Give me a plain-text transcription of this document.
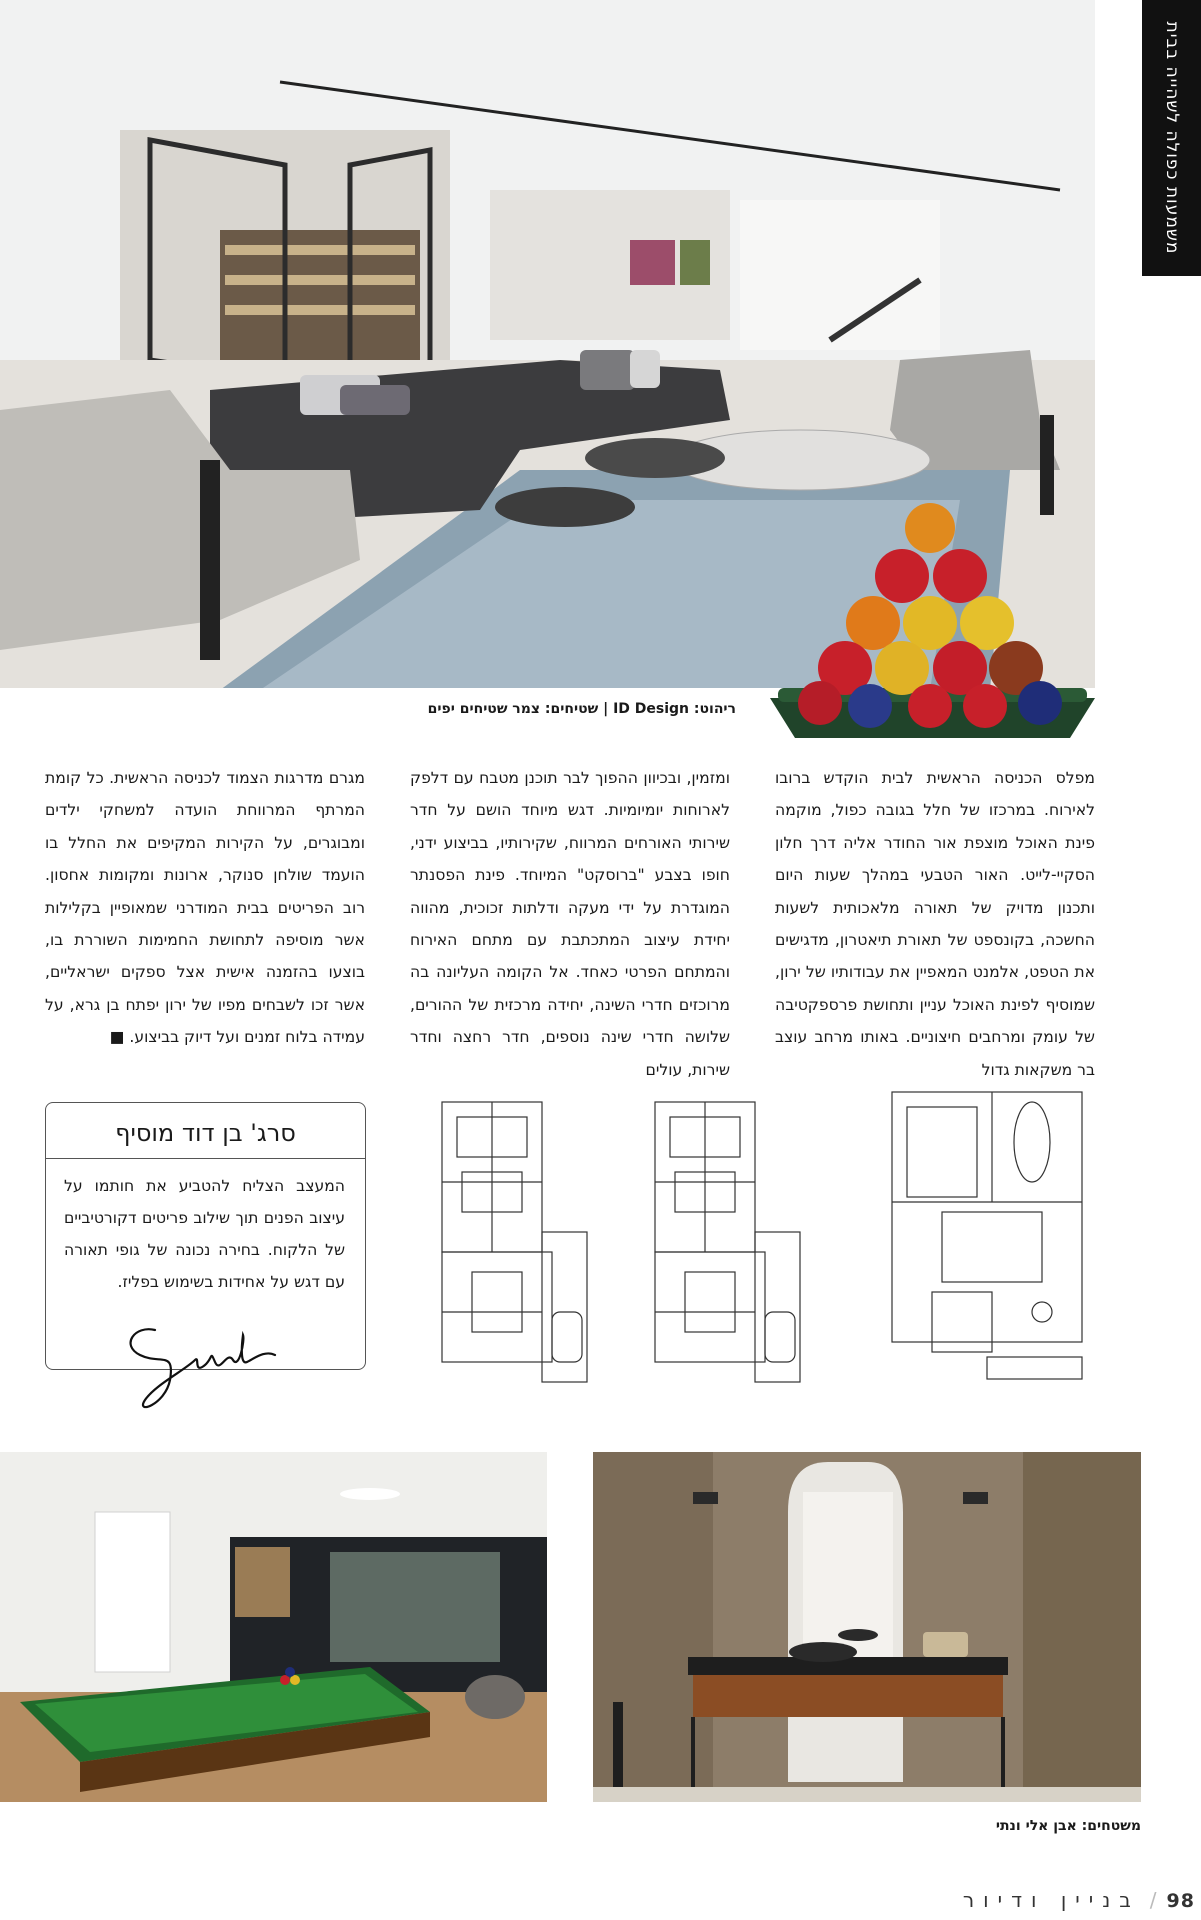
משמעות כפולה לשהייה בבית
ריהוט: ID Design | שטיחים: צמר שטיחים יפים
מפלס הכניסה הראשית לבית הוקדש ברובו לאירוח. במרכזו של חלל בגובה כפול, מוקמה פינת האוכל מוצפת אור החודר אליה דרך חלון הסקיי-לייט. האור הטבעי במהלך שעות היום ותכנון מדויק של תאורה מלאכותית לשעות החשכה, בקונספט של תאורת תיאטרון, מדגישים את הטפט, אלמנט המאפיין את עבודותיו של ירון, שמוסיף לפינת האוכל עניין ותחושת פרספקטיבה של עומק ומרחבים חיצוניים. באותו מרחב עוצב בר משקאות גדול
ומזמין, ובכיוון ההפוך לבר תוכנן מטבח עם דלפק לארוחות יומיומיות. דגש מיוחד הושם על חדר שירותי האורחים המרווח, שקירותיו, בביצוע ידני, חופו בצבע "ברוסקט" המיוחד. פינת הפסנתר המוגדרת על ידי מעקה ודלתות זכוכית, מהווה יחידת עיצוב המתכתבת עם מתחם האירוח והמתחם הפרטי כאחד. אל הקומה העליונה בה מרוכזים חדרי השינה, יחידה מרכזית של ההורים, שלושה חדרי שינה נוספים, חדר רחצה וחדר שירות, עולים
מגרם מדרגות הצמוד לכניסה הראשית. כל קומת המרתף המרווחת הועדה למשחקי ילדים ומבוגרים, על הקירות המקיפים את החלל בו הועמד שולחן סנוקר, ארונות ומקומות אחסון. רוב הפריטים בבית המודרני שמאופיין בקלילות אשר מוסיפה לתחושת החמימות השוררת בו, בוצעו בהזמנה אישית אצל ספקים ישראליים, אשר זכו לשבחים מפיו של ירון יפתח בן גרא, על עמידה בלוח זמנים ועל דיוק בביצוע. ■
סרג' בן דוד מוסיף
המעצב הצליח להטביע את חותמו על עיצוב הפנים תוך שילוב פריטים דקורטיביים של הלקוח. בחירה נכונה של גופי תאורה עם דגש על אחידות בשימוש בפליז.
משטחים: אבן אלי ונתי
בניין ודיור / 98
